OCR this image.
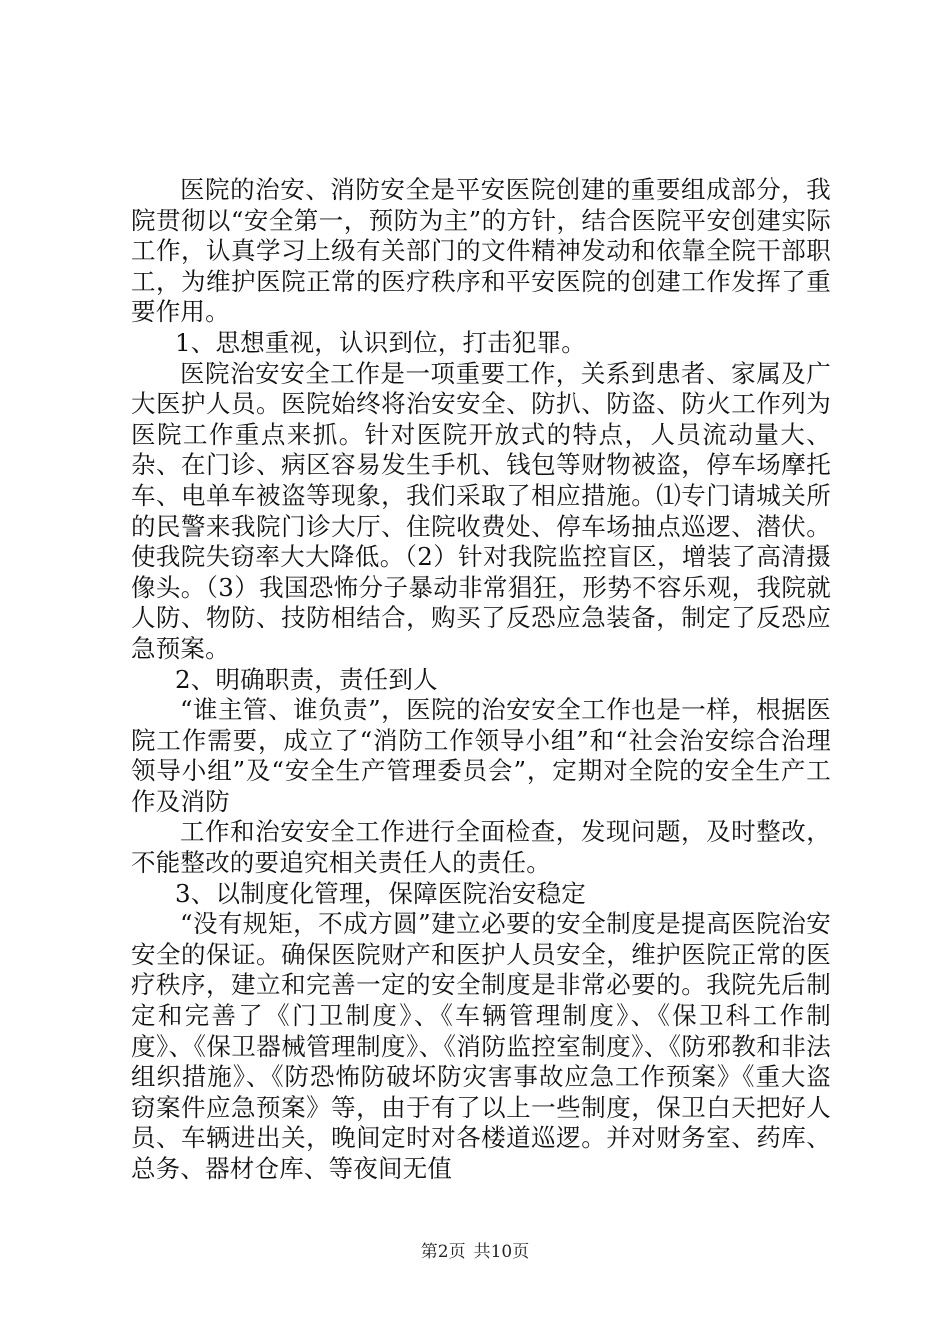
医院的治安、消防安全是平安医院创建的重要组成部分，我院贯彻以“安全第一，预防为主”的方针，结合医院平安创建实际工作，认真学习上级有关部门的文件精神发动和依靠全院干部职工，为维护医院正常的医疗秩序和平安医院的创建工作发挥了重要作用。

1、思想重视，认识到位，打击犯罪。

医院治安安全工作是一项重要工作，关系到患者、家属及广大医护人员。医院始终将治安安全、防扒、防盗、防火工作列为医院工作重点来抓。针对医院开放式的特点，人员流动量大、杂、在门诊、病区容易发生手机、钱包等财物被盗，停车场摩托车、电单车被盗等现象，我们采取了相应措施。⑴专门请城关所的民警来我院门诊大厅、住院收费处、停车场抽点巡逻、潜伏。使我院失窃率大大降低。（2）针对我院监控盲区，增装了高清摄像头。（3）我国恐怖分子暴动非常猖狂，形势不容乐观，我院就人防、物防、技防相结合，购买了反恐应急装备，制定了反恐应急预案。

2、明确职责，责任到人

“谁主管、谁负责”，医院的治安安全工作也是一样，根据医院工作需要，成立了“消防工作领导小组”和“社会治安综合治理领导小组”及“安全生产管理委员会”，定期对全院的安全生产工作及消防

工作和治安安全工作进行全面检查，发现问题，及时整改，不能整改的要追究相关责任人的责任。

3、以制度化管理，保障医院治安稳定

“没有规矩，不成方圆”建立必要的安全制度是提高医院治安安全的保证。确保医院财产和医护人员安全，维护医院正常的医疗秩序，建立和完善一定的安全制度是非常必要的。我院先后制定和完善了《门卫制度》、《车辆管理制度》、《保卫科工作制度》、《保卫器械管理制度》、《消防监控室制度》、《防邪教和非法组织措施》、《防恐怖防破坏防灾害事故应急工作预案》《重大盗窃案件应急预案》等，由于有了以上一些制度，保卫白天把好人员、车辆进出关，晚间定时对各楼道巡逻。并对财务室、药库、总务、器材仓库、等夜间无值

第2页 共10页
